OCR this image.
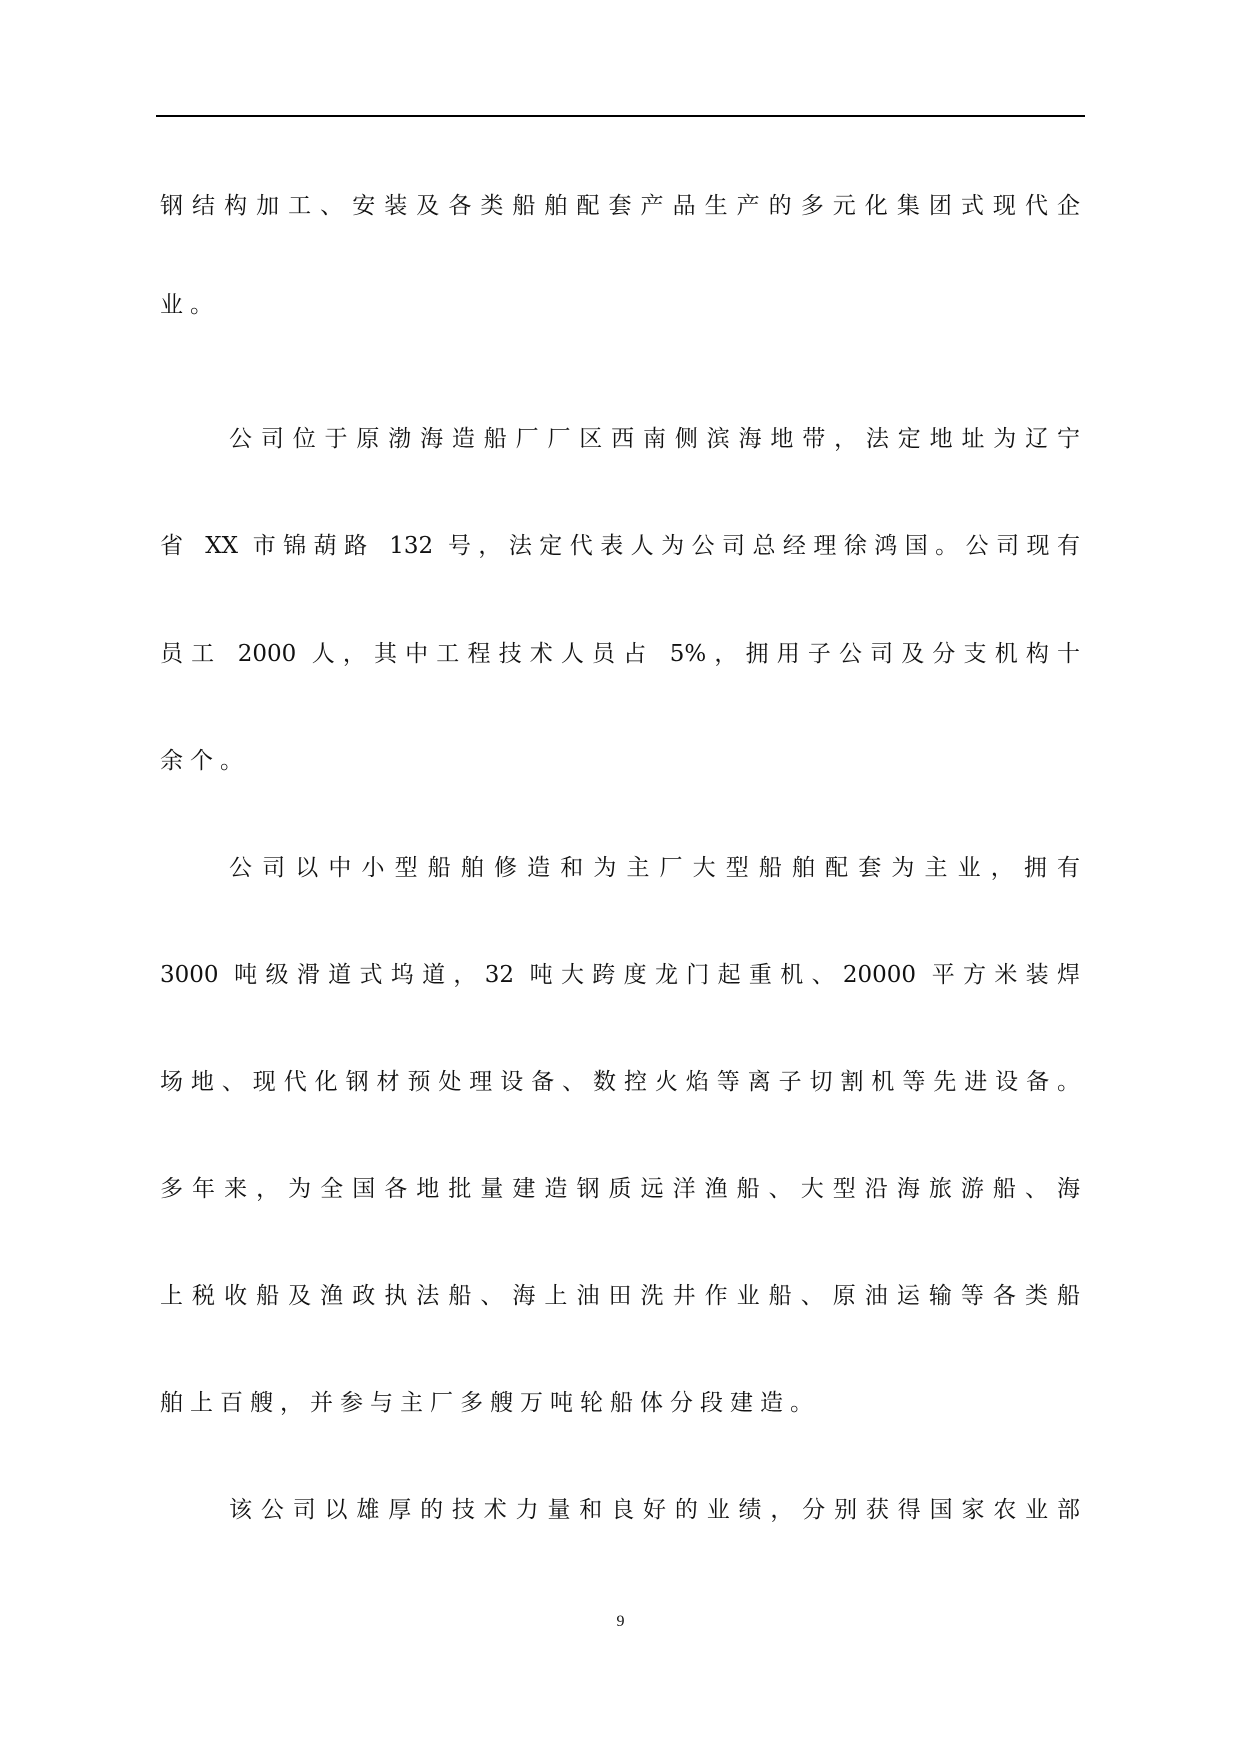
钢结构加工、安装及各类船舶配套产品生产的多元化集团式现代企
业。
公司位于原渤海造船厂厂区西南侧滨海地带，法定地址为辽宁
省 XX 市锦葫路 132 号，法定代表人为公司总经理徐鸿国。公司现有
员工 2000 人，其中工程技术人员占 5%，拥用子公司及分支机构十
余个。
公司以中小型船舶修造和为主厂大型船舶配套为主业，拥有
3000 吨级滑道式坞道，32 吨大跨度龙门起重机、20000 平方米装焊
场地、现代化钢材预处理设备、数控火焰等离子切割机等先进设备。
多年来，为全国各地批量建造钢质远洋渔船、大型沿海旅游船、海
上税收船及渔政执法船、海上油田洗井作业船、原油运输等各类船
舶上百艘，并参与主厂多艘万吨轮船体分段建造。
该公司以雄厚的技术力量和良好的业绩，分别获得国家农业部
9
